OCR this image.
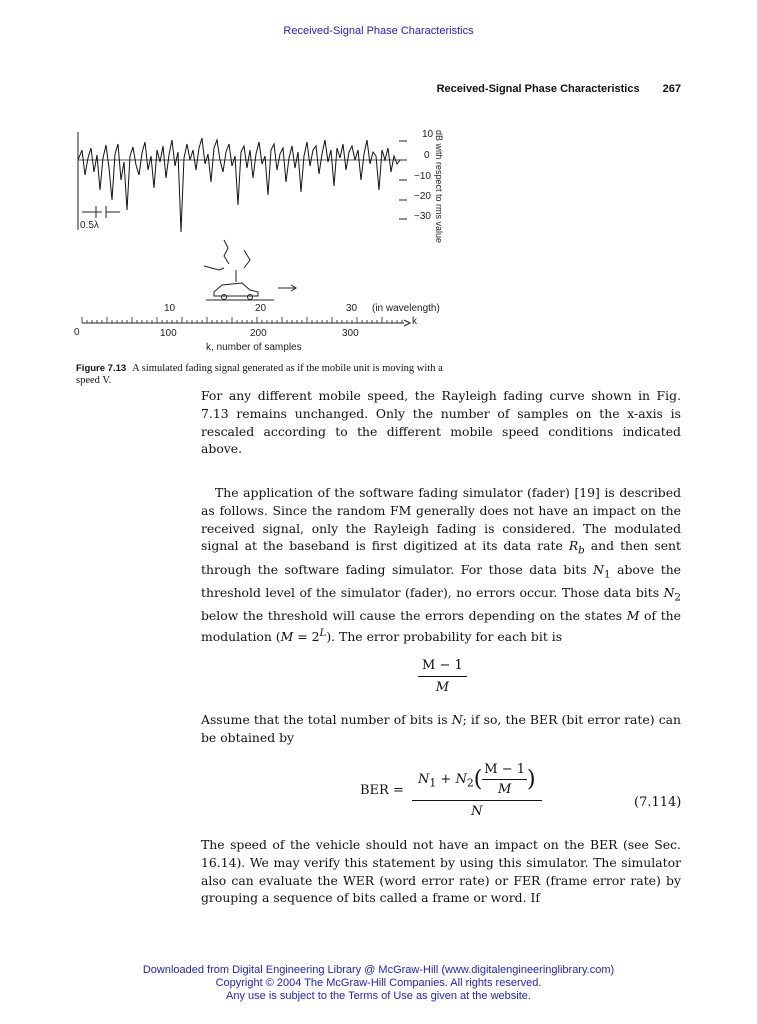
Received-Signal Phase Characteristics
Received-Signal Phase Characteristics 267
10
0
−10
−20
−30 dB with respect to rms value
0.5λ
10	20	30 (in wavelength)
k
0	100	200	300
k, number of samples
Figure 7.13 A simulated fading signal generated as if the mobile unit is moving with a speed V.

For any different mobile speed, the Rayleigh fading curve shown in Fig. 7.13 remains unchanged. Only the number of samples on the x-axis is rescaled according to the different mobile speed conditions indicated above.

The application of the software fading simulator (fader) [19] is described as follows. Since the random FM generally does not have an impact on the received signal, only the Rayleigh fading is considered. The modulated signal at the baseband is first digitized at its data rate $R_b$ and then sent through the software fading simulator. For those data bits $N_1$ above the threshold level of the simulator (fader), no errors occur. Those data bits $N_2$ below the threshold will cause the errors depending on the states M of the modulation $(M = 2^L)$. The error probability for each bit is

$\frac{M - 1}{M}$

Assume that the total number of bits is N; if so, the BER (bit error rate) can be obtained by

BER = $\frac{N_1 + N_2( \frac{M - 1}{M} )}{N}$	(7.114)

The speed of the vehicle should not have an impact on the BER (see Sec. 16.14). We may verify this statement by using this simulator. The simulator also can evaluate the WER (word error rate) or FER (frame error rate) by grouping a sequence of bits called a frame or word. If

Downloaded from Digital Engineering Library @ McGraw-Hill (www.digitalengineeringlibrary.com)
Copyright © 2004 The McGraw-Hill Companies. All rights reserved.
Any use is subject to the Terms of Use as given at the website.
